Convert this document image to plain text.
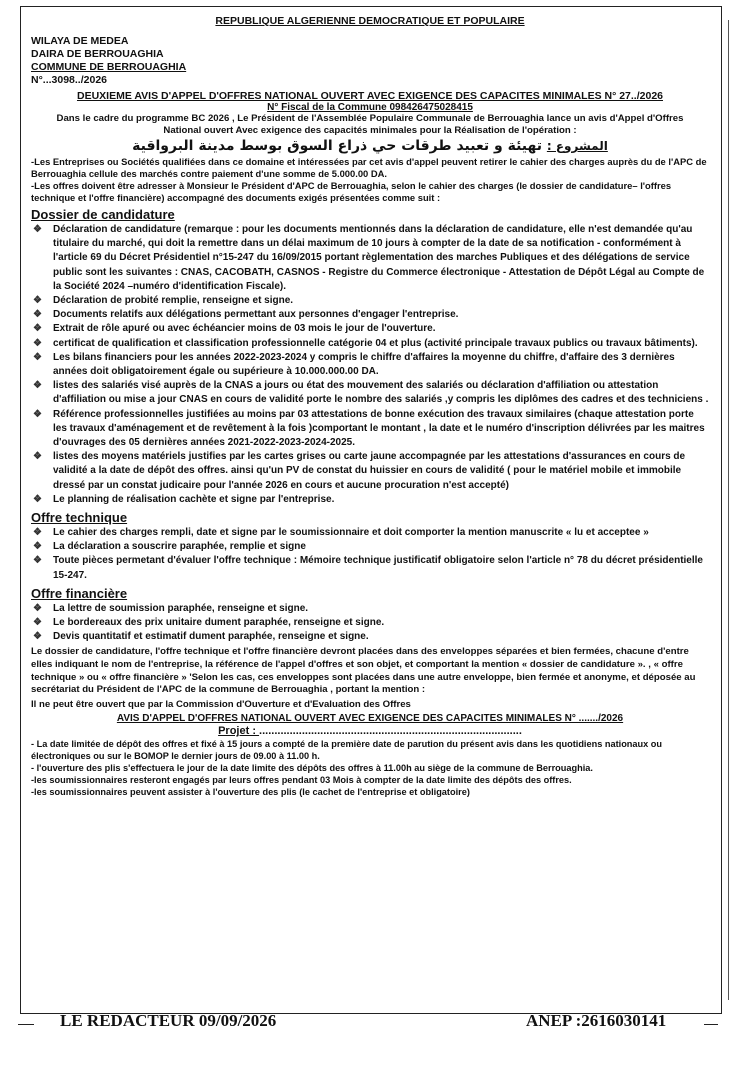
REPUBLIQUE ALGERIENNE DEMOCRATIQUE ET POPULAIRE
WILAYA DE MEDEA
DAIRA DE BERROUAGHIA
COMMUNE DE BERROUAGHIA
N°...3098../2026
DEUXIEME AVIS D'APPEL D'OFFRES NATIONAL OUVERT AVEC EXIGENCE DES CAPACITES MINIMALES N° 27../2026
N° Fiscal de la Commune 098426475028415
Dans le cadre du programme BC 2026 , Le Président de l'Assemblée Populaire Communale de Berrouaghia lance un avis d'Appel d'Offres
National ouvert Avec exigence des capacités minimales pour la Réalisation de l'opération :
المشروع : تهيئة و تعبيد طرقات حي ذراع السوق بوسط مدينة البرواقية
-Les Entreprises ou Sociétés qualifiées dans ce domaine et intéressées par cet avis d'appel peuvent retirer le cahier des charges auprès du de l'APC de Berrouaghia cellule des marchés contre paiement d'une somme de 5.000.00 DA.
-Les offres doivent être adresser à Monsieur le Président d'APC de Berrouaghia, selon le cahier des charges (le dossier de candidature– l'offres technique et l'offre financière) accompagné des documents exigés présentées comme suit :
Dossier de candidature
❖ Déclaration de candidature (remarque : pour les documents mentionnés dans la déclaration de candidature, elle n'est demandée qu'au titulaire du marché, qui doit la remettre dans un délai maximum de 10 jours à compter de la date de sa notification - conformément à l'article 69 du Décret Présidentiel n°15-247 du 16/09/2015 portant règlementation des marches Publiques et des délégations de service public sont les suivantes : CNAS, CACOBATH, CASNOS - Registre du Commerce électronique - Attestation de Dépôt Légal au Compte de la Société 2024 –numéro d'identification Fiscale).
❖ Déclaration de probité remplie, renseigne et signe.
❖ Documents relatifs aux délégations permettant aux personnes d'engager l'entreprise.
❖ Extrait de rôle apuré ou avec échéancier moins de 03 mois le jour de l'ouverture.
❖ certificat de qualification et classification professionnelle catégorie 04 et plus (activité principale travaux publics ou travaux bâtiments).
❖ Les bilans financiers pour les années 2022-2023-2024 y compris le chiffre d'affaires la moyenne du chiffre, d'affaire des 3 dernières années doit obligatoirement égale ou supérieure à 10.000.000.00 DA.
❖ listes des salariés visé auprès de la CNAS a jours ou état des mouvement des salariés ou déclaration d'affiliation ou attestation d'affiliation ou mise a jour CNAS en cours de validité porte le nombre des salariés ,y compris les diplômes des cadres et des techniciens .
❖ Référence professionnelles justifiées au moins par 03 attestations de bonne exécution des travaux similaires (chaque attestation porte les travaux d'aménagement et de revêtement à la fois )comportant le montant , la date et le numéro d'inscription délivrées par les maitres d'ouvrages des 05 dernières années 2021-2022-2023-2024-2025.
❖ listes des moyens matériels justifies par les cartes grises ou carte jaune accompagnée par les attestations d'assurances en cours de validité a la date de dépôt des offres. ainsi qu'un PV de constat du huissier en cours de validité ( pour le matériel mobile et immobile dressé par un constat judicaire pour l'année 2026 en cours et aucune procuration n'est accepté)
❖ Le planning de réalisation cachète et signe par l'entreprise.
Offre technique
❖ Le cahier des charges rempli, date et signe par le soumissionnaire et doit comporter la mention manuscrite « lu et acceptee »
❖ La déclaration a souscrire paraphée, remplie et signe
❖ Toute pièces permetant d'évaluer l'offre technique : Mémoire technique justificatif obligatoire selon l'article n° 78 du décret présidentielle 15-247.
Offre financière
❖ La lettre de soumission paraphée, renseigne et signe.
❖ Le bordereaux des prix unitaire dument paraphée, renseigne et signe.
❖ Devis quantitatif et estimatif dument paraphée, renseigne et signe.
Le dossier de candidature, l'offre technique et l'offre financière devront placées dans des enveloppes séparées et bien fermées, chacune d'entre elles indiquant le nom de l'entreprise, la référence de l'appel d'offres et son objet, et comportant la mention « dossier de candidature ». , « offre technique » ou « offre financière » 'Selon les cas, ces enveloppes sont placées dans une autre enveloppe, bien fermée et anonyme, et déposée au secrétariat du Président de l'APC de la commune de Berrouaghia , portant la mention :
Il ne peut être ouvert que par la Commission d'Ouverture et d'Evaluation des Offres
AVIS D'APPEL D'OFFRES NATIONAL OUVERT AVEC EXIGENCE DES CAPACITES MINIMALES N° ......./2026
Projet : ......................................................................................
- La date limitée de dépôt des offres et fixé à 15 jours a compté de la première date de parution du présent avis dans les quotidiens nationaux ou électroniques ou sur le BOMOP le dernier jours de 09.00 à 11.00 h.
- l'ouverture des plis s'effectuera le jour de la date limite des dépôts des offres à 11.00h au siège de la commune de Berrouaghia.
-les soumissionnaires resteront engagés par leurs offres pendant 03 Mois à compter de la date limite des dépôts des offres.
-les soumissionnaires peuvent assister à l'ouverture des plis (le cachet de l'entreprise et obligatoire)
LE REDACTEUR 09/09/2026	ANEP :2616030141
